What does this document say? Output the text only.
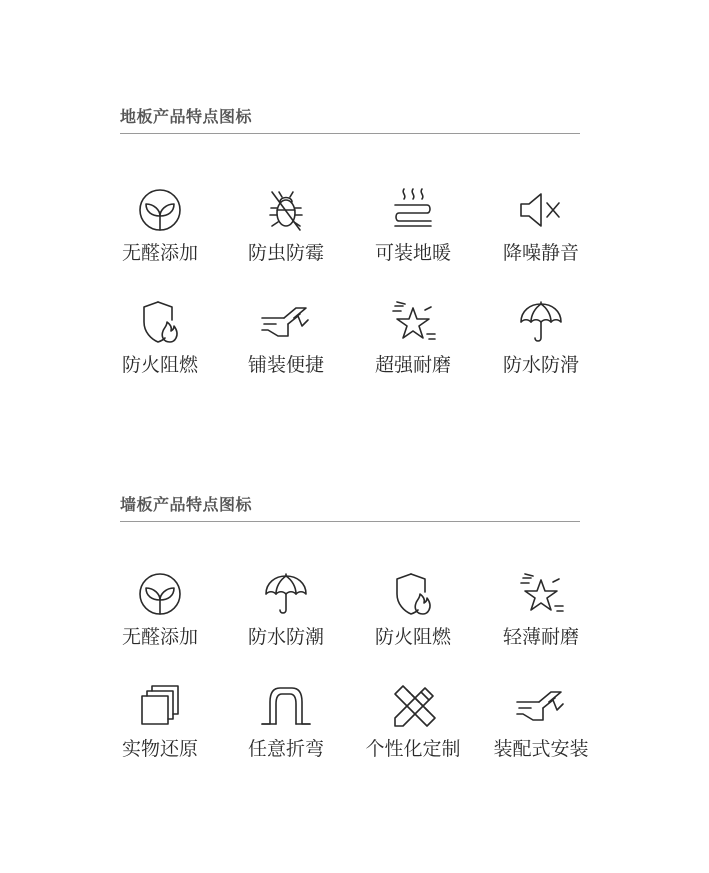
地板产品特点图标
无醛添加	防虫防霉	可装地暖	降噪静音
防火阻燃	铺装便捷	超强耐磨	防水防滑
墙板产品特点图标
无醛添加	防水防潮	防火阻燃	轻薄耐磨
实物还原	任意折弯	个性化定制	装配式安装
